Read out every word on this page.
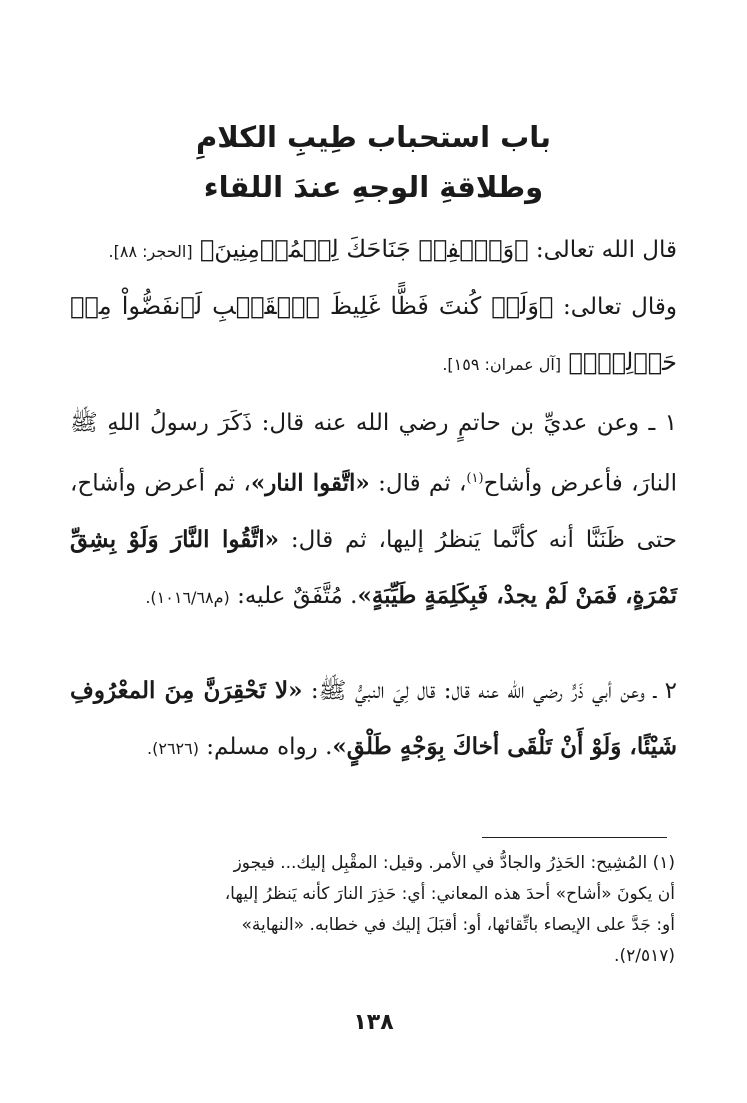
باب استحباب طِيبِ الكلامِ
وطلاقةِ الوجهِ عندَ اللقاء

قال الله تعالى: ﴿وَٱخۡفِضۡ جَنَاحَكَ لِلۡمُؤۡمِنِينَ﴾ [الحجر: ٨٨].

وقال تعالى: ﴿وَلَوۡ كُنتَ فَظًّا غَلِيظَ ٱلۡقَلۡبِ لَٱنفَضُّواْ مِنۡ حَوۡلِكَۖ﴾ [آل عمران: ١٥٩].

١ ـ وعن عديِّ بن حاتمٍ رضي الله عنه قال: ذَكَرَ رسولُ اللهِ ﷺ النارَ، فأعرض وأشاح$^{(١)}$، ثم قال: «اتَّقوا النار»، ثم أعرض وأشاح، حتى ظَنَنَّا أنه كأنَّما يَنظرُ إليها، ثم قال: «اتَّقُوا النَّارَ وَلَوْ بِشِقِّ تَمْرَةٍ، فَمَنْ لَمْ يجدْ، فَبِكَلِمَةٍ طَيِّبَةٍ». مُتَّفَقٌ عليه: (م١٠١٦/٦٨).

٢ ـ وعن أبي ذَرٍّ رضي الله عنه قال: قال لِيَ النبيُّ ﷺ: «لا تَحْقِرَنَّ مِنَ المعْرُوفِ شَيْئًا، وَلَوْ أَنْ تَلْقَى أخاكَ بِوَجْهٍ طَلْقٍ». رواه مسلم: (٢٦٢٦).

(١) المُشِيح: الحَذِرُ والجادُّ في الأمر. وقيل: المقْبِل إليك... فيجوز

أن يكونَ «أشاح» أحدَ هذه المعاني: أي: حَذِرَ النارَ كأنه يَنظرُ إليها،

أو: جَدَّ على الإيصاء باتِّقائها، أو: أقبَلَ إليك في خطابه. «النهاية»

(٢/٥١٧).

١٣٨
